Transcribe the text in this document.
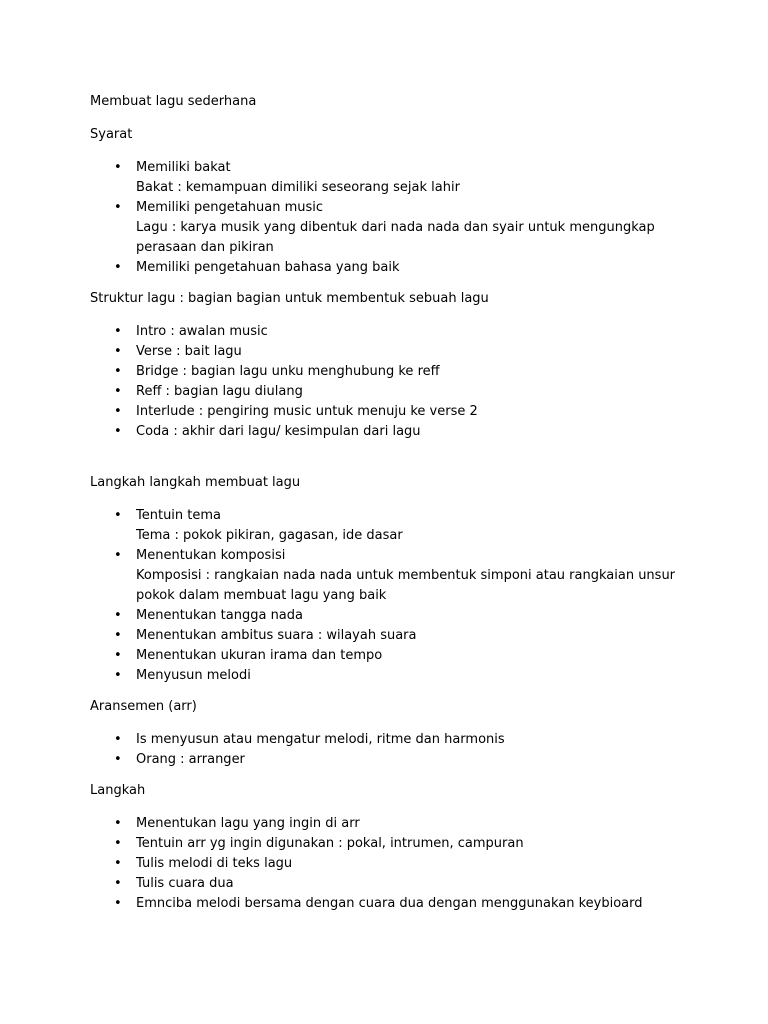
Membuat lagu sederhana

Syarat

• Memiliki bakat
Bakat : kemampuan dimiliki seseorang sejak lahir
• Memiliki pengetahuan music
Lagu : karya musik yang dibentuk dari nada nada dan syair untuk mengungkap perasaan dan pikiran
• Memiliki pengetahuan bahasa yang baik

Struktur lagu : bagian bagian untuk membentuk sebuah lagu

• Intro : awalan music
• Verse : bait lagu
• Bridge : bagian lagu unku menghubung ke reff
• Reff : bagian lagu diulang
• Interlude : pengiring music untuk menuju ke verse 2
• Coda : akhir dari lagu/ kesimpulan dari lagu

Langkah langkah membuat lagu

• Tentuin tema
Tema : pokok pikiran, gagasan, ide dasar
• Menentukan komposisi
Komposisi : rangkaian nada nada untuk membentuk simponi atau rangkaian unsur pokok dalam membuat lagu yang baik
• Menentukan tangga nada
• Menentukan ambitus suara : wilayah suara
• Menentukan ukuran irama dan tempo
• Menyusun melodi

Aransemen (arr)

• Is menyusun atau mengatur melodi, ritme dan harmonis
• Orang : arranger

Langkah

• Menentukan lagu yang ingin di arr
• Tentuin arr yg ingin digunakan : pokal, intrumen, campuran
• Tulis melodi di teks lagu
• Tulis cuara dua
• Emnciba melodi bersama dengan cuara dua dengan menggunakan keybioard
